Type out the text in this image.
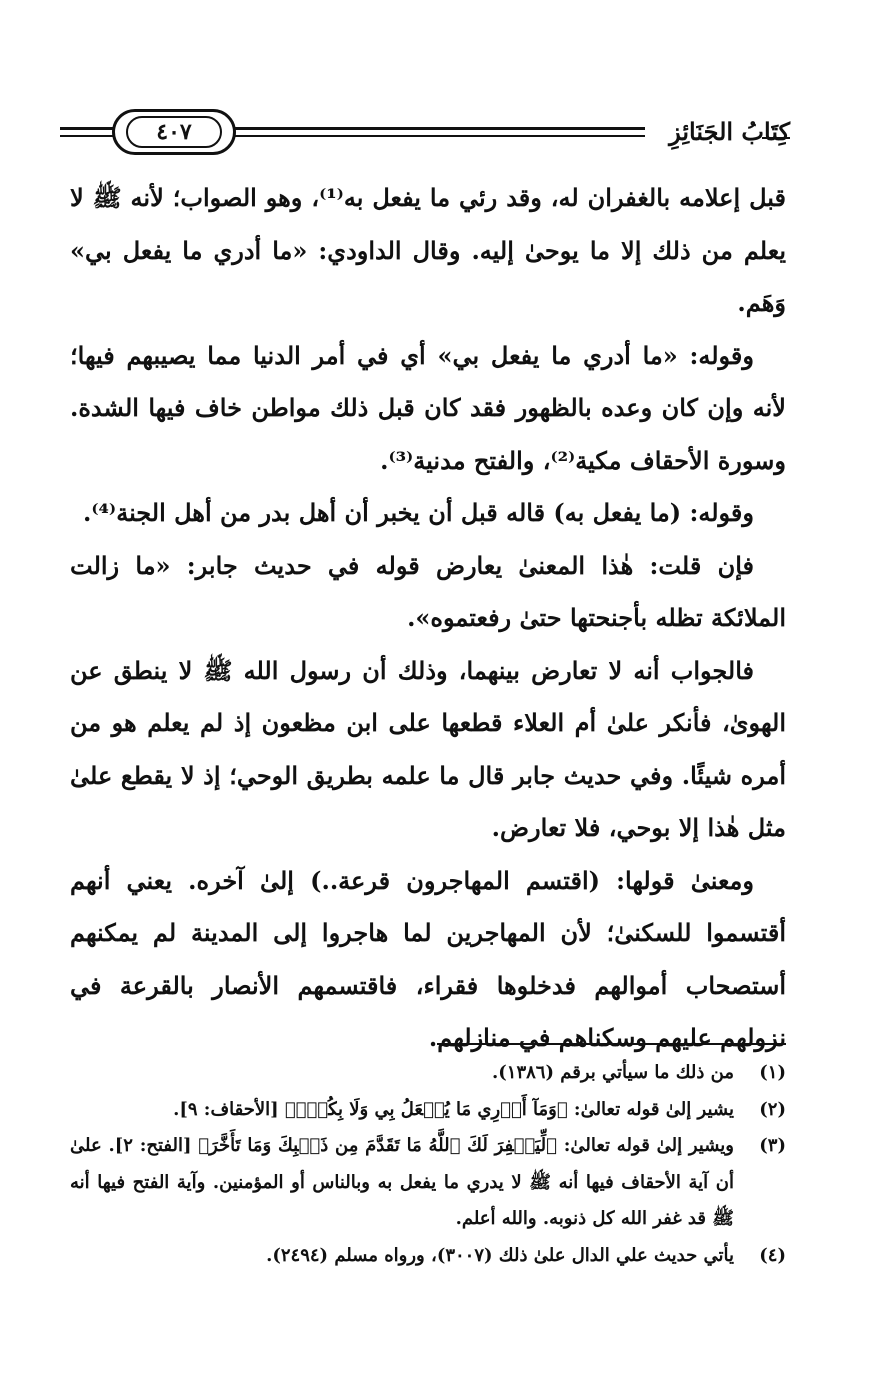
كِتَابُ الجَنَائِزِ
٤٠٧

قبل إعلامه بالغفران له، وقد رئي ما يفعل به⁽¹⁾، وهو الصواب؛ لأنه ﷺ لا يعلم من ذلك إلا ما يوحىٰ إليه. وقال الداودي: «ما أدري ما يفعل بي» وَهَم.

وقوله: «ما أدري ما يفعل بي» أي في أمر الدنيا مما يصيبهم فيها؛ لأنه وإن كان وعده بالظهور فقد كان قبل ذلك مواطن خاف فيها الشدة. وسورة الأحقاف مكية⁽²⁾، والفتح مدنية⁽³⁾.

وقوله: (ما يفعل به) قاله قبل أن يخبر أن أهل بدر من أهل الجنة⁽⁴⁾.

فإن قلت: هٰذا المعنىٰ يعارض قوله في حديث جابر: «ما زالت الملائكة تظله بأجنحتها حتىٰ رفعتموه».

فالجواب أنه لا تعارض بينهما، وذلك أن رسول الله ﷺ لا ينطق عن الهوىٰ، فأنكر علىٰ أم العلاء قطعها على ابن مظعون إذ لم يعلم هو من أمره شيئًا. وفي حديث جابر قال ما علمه بطريق الوحي؛ إذ لا يقطع علىٰ مثل هٰذا إلا بوحي، فلا تعارض.

ومعنىٰ قولها: (اقتسم المهاجرون قرعة..) إلىٰ آخره. يعني أنهم أقتسموا للسكنىٰ؛ لأن المهاجرين لما هاجروا إلى المدينة لم يمكنهم أستصحاب أموالهم فدخلوها فقراء، فاقتسمهم الأنصار بالقرعة في نزولهم عليهم وسكناهم في منازلهم.

(١)
من ذلك ما سيأتي برقم (١٣٨٦).
(٢)
يشير إلىٰ قوله تعالىٰ: ﴿وَمَآ أَدۡرِي مَا يُفۡعَلُ بِي وَلَا بِكُمۡۖ﴾ [الأحقاف: ٩].
(٣)
ويشير إلىٰ قوله تعالىٰ: ﴿لِّيَغۡفِرَ لَكَ ٱللَّهُ مَا تَقَدَّمَ مِن ذَنۢبِكَ وَمَا تَأَخَّرَ﴾ [الفتح: ٢]. علىٰ أن آية الأحقاف فيها أنه ﷺ لا يدري ما يفعل به وبالناس أو المؤمنين. وآية الفتح فيها أنه ﷺ قد غفر الله كل ذنوبه. والله أعلم.
(٤)
يأتي حديث علي الدال علىٰ ذلك (٣٠٠٧)، ورواه مسلم (٢٤٩٤).
